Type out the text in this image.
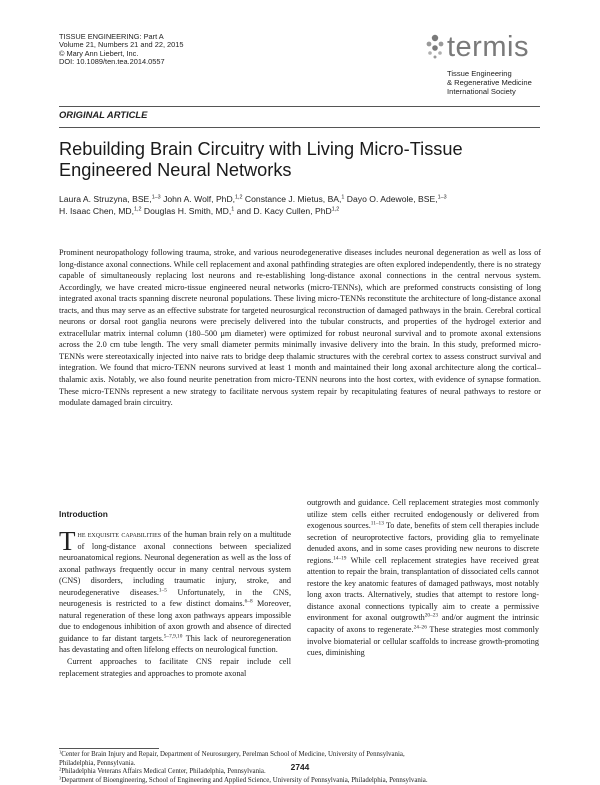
TISSUE ENGINEERING: Part A
Volume 21, Numbers 21 and 22, 2015
© Mary Ann Liebert, Inc.
DOI: 10.1089/ten.tea.2014.0557	termis
Tissue Engineering
& Regenerative Medicine
International Society
ORIGINAL ARTICLE
Rebuilding Brain Circuitry with Living Micro-Tissue Engineered Neural Networks
Laura A. Struzyna, BSE,$^{1-3}$ John A. Wolf, PhD,$^{1,2}$ Constance J. Mietus, BA,$^1$ Dayo O. Adewole, BSE,$^{1-3}$
H. Isaac Chen, MD,$^{1,2}$ Douglas H. Smith, MD,$^1$ and D. Kacy Cullen, PhD$^{1,2}$
Prominent neuropathology following trauma, stroke, and various neurodegenerative diseases includes neuronal degeneration as well as loss of long-distance axonal connections. While cell replacement and axonal pathfinding strategies are often explored independently, there is no strategy capable of simultaneously replacing lost neurons and re-establishing long-distance axonal connections in the central nervous system. Accordingly, we have created micro-tissue engineered neural networks (micro-TENNs), which are preformed constructs consisting of long integrated axonal tracts spanning discrete neuronal populations. These living micro-TENNs reconstitute the architecture of long-distance axonal tracts, and thus may serve as an effective substrate for targeted neurosurgical reconstruction of damaged pathways in the brain. Cerebral cortical neurons or dorsal root ganglia neurons were precisely delivered into the tubular constructs, and properties of the hydrogel exterior and extracellular matrix internal column (180–500 μm diameter) were optimized for robust neuronal survival and to promote axonal extensions across the 2.0 cm tube length. The very small diameter permits minimally invasive delivery into the brain. In this study, preformed micro-TENNs were stereotaxically injected into naive rats to bridge deep thalamic structures with the cerebral cortex to assess construct survival and integration. We found that micro-TENN neurons survived at least 1 month and maintained their long axonal architecture along the cortical–thalamic axis. Notably, we also found neurite penetration from micro-TENN neurons into the host cortex, with evidence of synapse formation. These micro-TENNs represent a new strategy to facilitate nervous system repair by recapitulating features of neural pathways to restore or modulate damaged brain circuitry.
Introduction

The exquisite capabilities of the human brain rely on a multitude of long-distance axonal connections between specialized neuroanatomical regions. Neuronal degeneration as well as the loss of axonal pathways frequently occur in many central nervous system (CNS) disorders, including traumatic injury, stroke, and neurodegenerative diseases.$^{1-5}$ Unfortunately, in the CNS, neurogenesis is restricted to a few distinct domains.$^{6-8}$ Moreover, natural regeneration of these long axon pathways appears impossible due to endogenous inhibition of axon growth and absence of directed guidance to far distant targets.$^{5-7,9,10}$ This lack of neuroregeneration has devastating and often lifelong effects on neurological function.

Current approaches to facilitate CNS repair include cell replacement strategies and approaches to promote axonal

outgrowth and guidance. Cell replacement strategies most commonly utilize stem cells either recruited endogenously or delivered from exogenous sources.$^{11-13}$ To date, benefits of stem cell therapies include secretion of neuroprotective factors, providing glia to remyelinate denuded axons, and in some cases providing new neurons to discrete regions.$^{14-19}$ While cell replacement strategies have received great attention to repair the brain, transplantation of dissociated cells cannot restore the key anatomic features of damaged pathways, most notably long axon tracts. Alternatively, studies that attempt to restore long-distance axonal connections typically aim to create a permissive environment for axonal outgrowth$^{20-23}$ and/or augment the intrinsic capacity of axons to regenerate.$^{24-26}$ These strategies most commonly involve biomaterial or cellular scaffolds to increase growth-promoting cues, diminishing

$^1$Center for Brain Injury and Repair, Department of Neurosurgery, Perelman School of Medicine, University of Pennsylvania,
Philadelphia, Pennsylvania.
$^2$Philadelphia Veterans Affairs Medical Center, Philadelphia, Pennsylvania.
$^3$Department of Bioengineering, School of Engineering and Applied Science, University of Pennsylvania, Philadelphia, Pennsylvania.
2744
